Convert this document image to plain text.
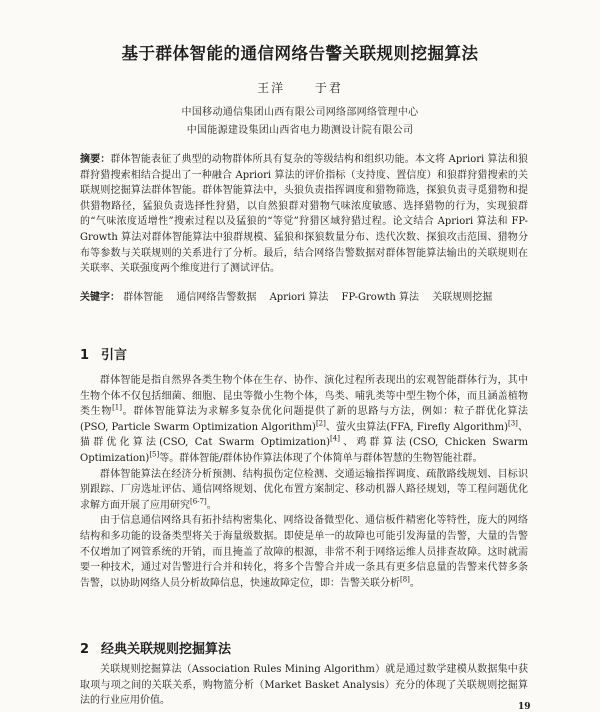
基于群体智能的通信网络告警关联规则挖掘算法
王洋 于君
中国移动通信集团山西有限公司网络部网络管理中心
中国能源建设集团山西省电力勘测设计院有限公司
摘要：群体智能表征了典型的动物群体所具有复杂的等级结构和组织功能。本文将 Apriori 算法和狼群狩猎搜索相结合提出了一种融合 Apriori 算法的评价指标（支持度、置信度）和狼群狩猎搜索的关联规则挖掘算法群体智能。群体智能算法中，头狼负责指挥调度和猎物筛选，探狼负责寻觅猎物和提供猎物路径，猛狼负责选择性狩猎，以自然狼群对猎物气味浓度敏感、选择猎物的行为，实现狼群的“气味浓度适增性”搜索过程以及猛狼的“等觉”狩猎区域狩猎过程。论文结合 Apriori 算法和 FP-Growth 算法对群体智能算法中狼群规模、猛狼和探狼数量分布、迭代次数、探狼攻击范围、猎物分布等参数与关联规则的关系进行了分析。最后，结合网络告警数据对群体智能算法输出的关联规则在关联率、关联强度两个维度进行了测试评估。
关键字： 群体智能 通信网络告警数据 Apriori 算法 FP-Growth 算法 关联规则挖掘
1 引言

群体智能是指自然界各类生物个体在生存、协作、演化过程所表现出的宏观智能群体行为，其中生物个体不仅包括细菌、细胞、昆虫等微小生物个体，鸟类、哺乳类等中型生物个体，而且涵盖植物类生物[1]。群体智能算法为求解多复杂优化问题提供了新的思路与方法，例如：粒子群优化算法(PSO, Particle Swarm Optimization Algorithm)[2]、萤火虫算法(FFA, Firefly Algorithm)[3]、猫群优化算法(CSO, Cat Swarm Optimization)[4]、鸡群算法(CSO, Chicken Swarm Optimization)[5]等。群体智能/群体协作算法体现了个体简单与群体智慧的生物智能社群。

群体智能算法在经济分析预测、结构损伤定位检测、交通运输指挥调度、疏散路线规划、目标识别跟踪、厂房选址评估、通信网络规划、优化布置方案制定、移动机器人路径规划，等工程问题优化求解方面开展了应用研究[6-7]。

由于信息通信网络具有拓扑结构密集化、网络设备微型化、通信板件精密化等特性，庞大的网络结构和多功能的设备类型将关于海量级数据。即使是单一的故障也可能引发海量的告警，大量的告警不仅增加了网管系统的开销，而且掩盖了故障的根源，非常不利于网络运维人员排查故障。这时就需要一种技术，通过对告警进行合并和转化，将多个告警合并成一条具有更多信息量的告警来代替多条告警，以协助网络人员分析故障信息，快速故障定位，即：告警关联分析[8]。

2 经典关联规则挖掘算法

关联规则挖掘算法（Association Rules Mining Algorithm）就是通过数学建模从数据集中获取项与项之间的关联关系，购物篮分析（Market Basket Analysis）充分的体现了关联规则挖掘算法的行业应用价值。

19
